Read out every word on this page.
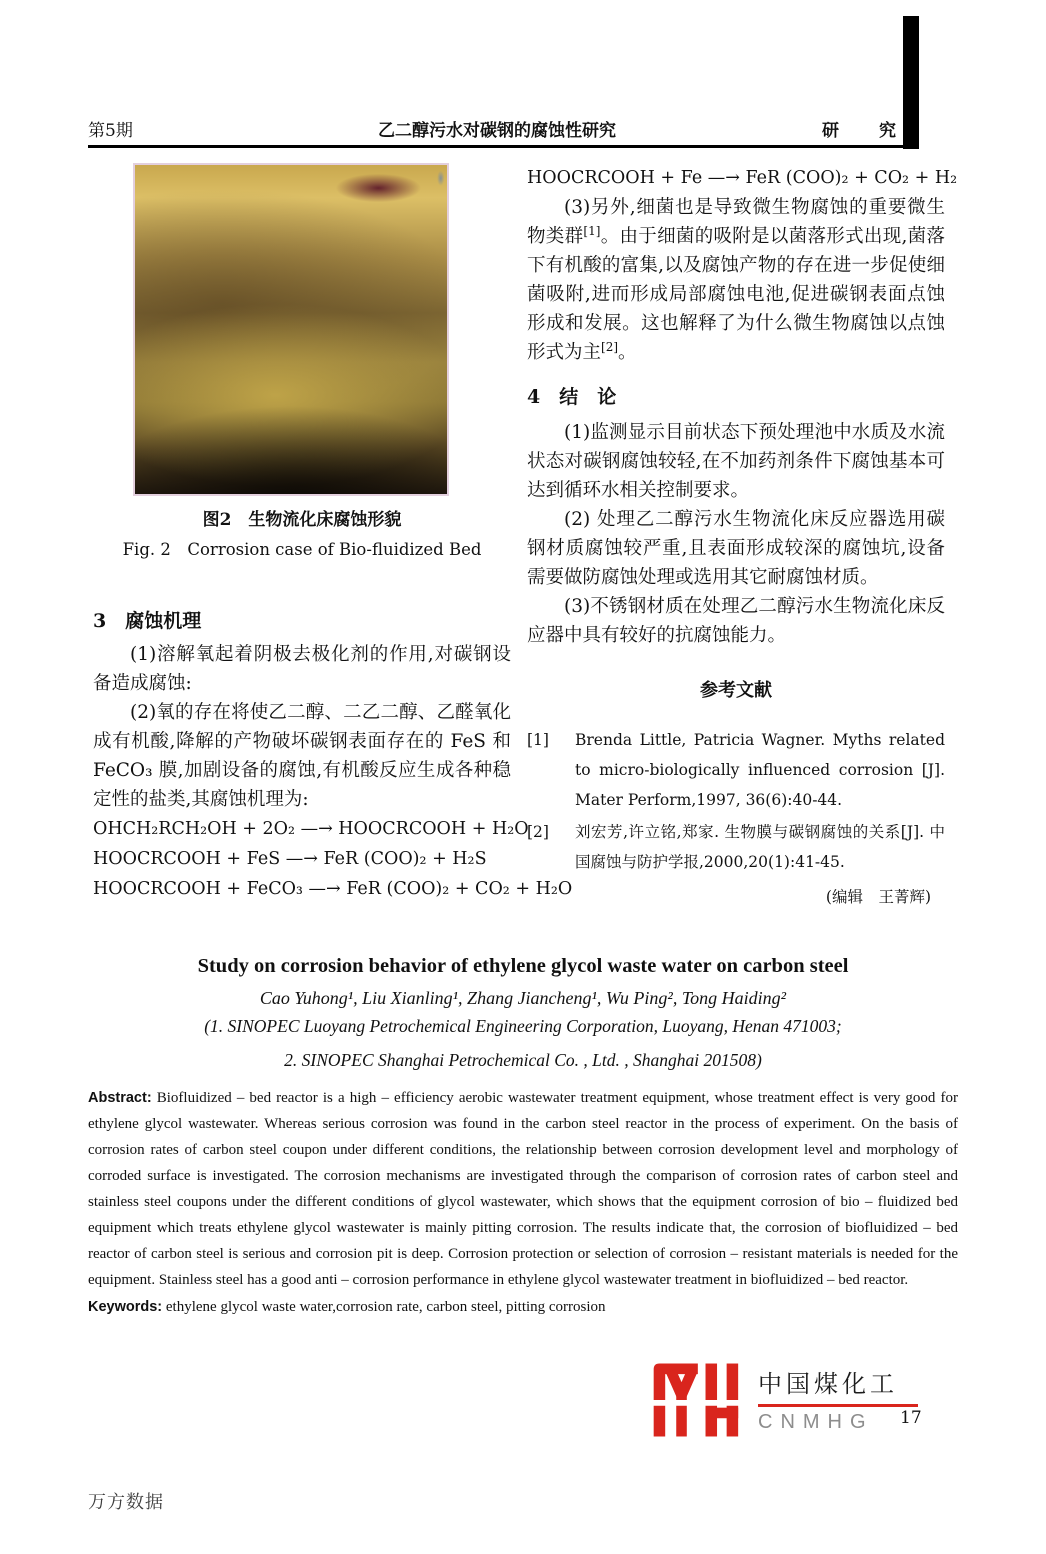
第5期	乙二醇污水对碳钢的腐蚀性研究	研　　究
图2　生物流化床腐蚀形貌
Fig. 2　Corrosion case of Bio-fluidized Bed
3　腐蚀机理

(1)溶解氧起着阴极去极化剂的作用,对碳钢设备造成腐蚀:

(2)氧的存在将使乙二醇、二乙二醇、乙醛氧化成有机酸,降解的产物破坏碳钢表面存在的 FeS 和 FeCO₃ 膜,加剧设备的腐蚀,有机酸反应生成各种稳定性的盐类,其腐蚀机理为:

OHCH₂RCH₂OH + 2O₂ —→ HOOCRCOOH + H₂O
HOOCRCOOH + FeS —→ FeR (COO)₂ + H₂S
HOOCRCOOH + FeCO₃ —→ FeR (COO)₂ + CO₂ + H₂O
HOOCRCOOH + Fe —→ FeR (COO)₂ + CO₂ + H₂

(3)另外,细菌也是导致微生物腐蚀的重要微生物类群[1]。由于细菌的吸附是以菌落形式出现,菌落下有机酸的富集,以及腐蚀产物的存在进一步促使细菌吸附,进而形成局部腐蚀电池,促进碳钢表面点蚀形成和发展。这也解释了为什么微生物腐蚀以点蚀形式为主[2]。

4　结　论

(1)监测显示目前状态下预处理池中水质及水流状态对碳钢腐蚀较轻,在不加药剂条件下腐蚀基本可达到循环水相关控制要求。

(2) 处理乙二醇污水生物流化床反应器选用碳钢材质腐蚀较严重,且表面形成较深的腐蚀坑,设备需要做防腐蚀处理或选用其它耐腐蚀材质。

(3)不锈钢材质在处理乙二醇污水生物流化床反应器中具有较好的抗腐蚀能力。

参考文献
[1]	Brenda Little, Patricia Wagner. Myths related to micro-biologically influenced corrosion [J]. Mater Perform,1997, 36(6):40-44.
[2]	刘宏芳,许立铭,郑家. 生物膜与碳钢腐蚀的关系[J]. 中国腐蚀与防护学报,2000,20(1):41-45.
(编辑　王菁辉)
Study on corrosion behavior of ethylene glycol waste water on carbon steel
Cao Yuhong¹, Liu Xianling¹, Zhang Jiancheng¹, Wu Ping², Tong Haiding²
(1. SINOPEC Luoyang Petrochemical Engineering Corporation, Luoyang, Henan 471003;
2. SINOPEC Shanghai Petrochemical Co. , Ltd. , Shanghai 201508)

Abstract: Biofluidized – bed reactor is a high – efficiency aerobic wastewater treatment equipment, whose treatment effect is very good for ethylene glycol wastewater. Whereas serious corrosion was found in the carbon steel reactor in the process of experiment. On the basis of corrosion rates of carbon steel coupon under different conditions, the relationship between corrosion development level and morphology of corroded surface is investigated. The corrosion mechanisms are investigated through the comparison of corrosion rates of carbon steel and stainless steel coupons under the different conditions of glycol wastewater, which shows that the equipment corrosion of bio – fluidized bed equipment which treats ethylene glycol wastewater is mainly pitting corrosion. The results indicate that, the corrosion of biofluidized – bed reactor of carbon steel is serious and corrosion pit is deep. Corrosion protection or selection of corrosion – resistant materials is needed for the equipment. Stainless steel has a good anti – corrosion performance in ethylene glycol wastewater treatment in biofluidized – bed reactor.

Keywords: ethylene glycol waste water,corrosion rate, carbon steel, pitting corrosion

中国煤化工
CNMHG	17
万方数据
